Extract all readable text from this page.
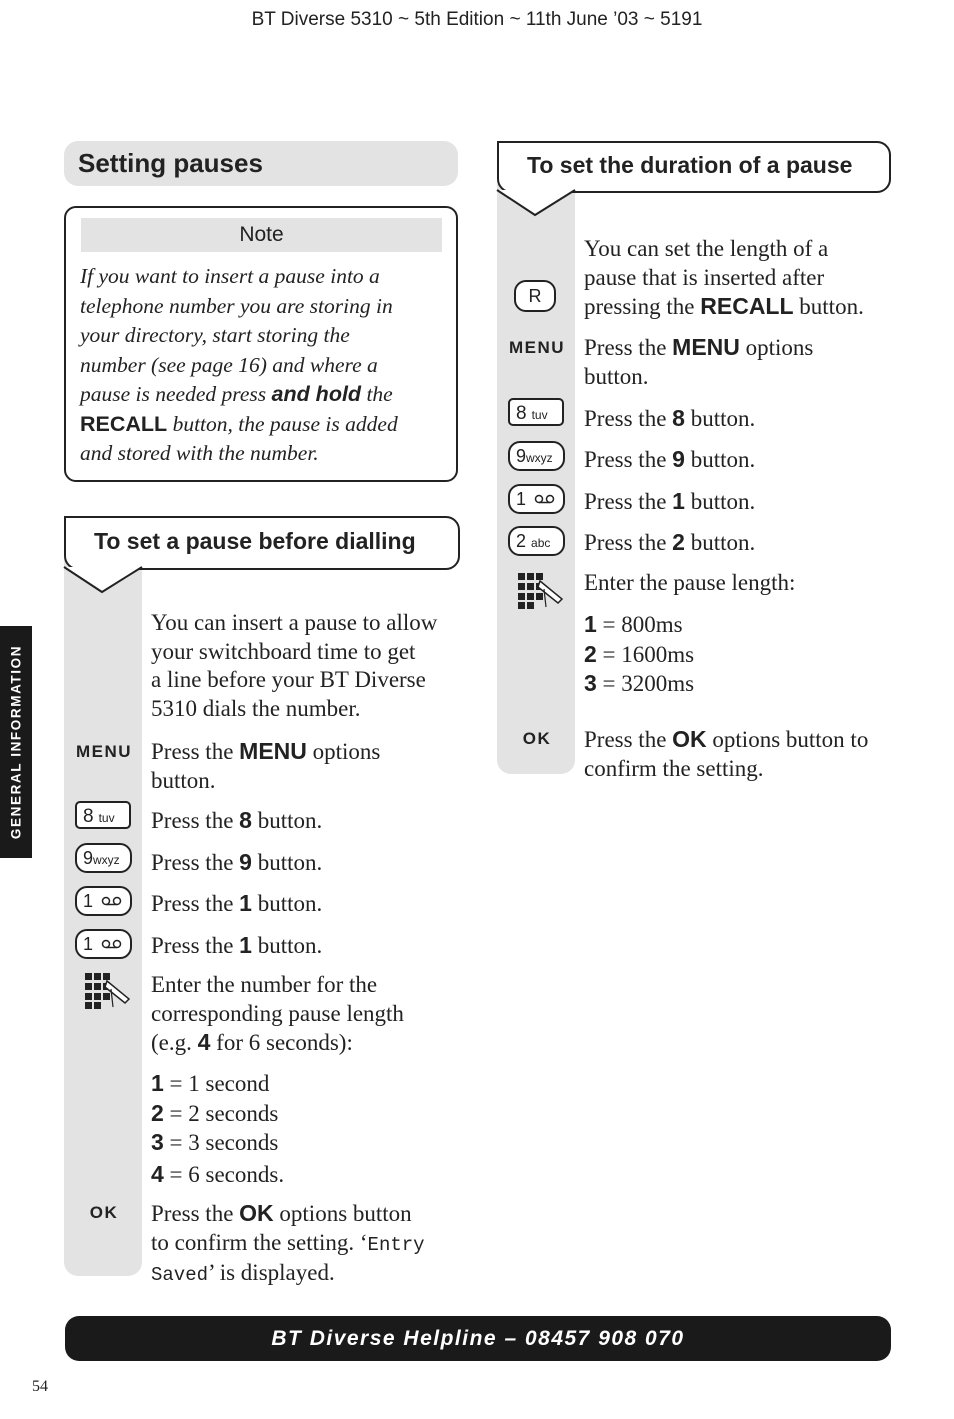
BT Diverse 5310 ~ 5th Edition ~ 11th June ’03 ~ 5191
Setting pauses
Note
If you want to insert a pause into a
telephone number you are storing in
your directory, start storing the
number (see page 16) and where a
pause is needed press and hold the
RECALL button, the pause is added
and stored with the number.
To set a pause before dialling
You can insert a pause to allow
your switchboard time to get
a line before your BT Diverse
5310 dials the number.
MENU Press the MENU options
button.
8 tuv	Press the 8 button.
9wxyz	Press the 9 button.
1	Press the 1 button.
1	Press the 1 button.
Enter the number for the
corresponding pause length
(e.g. 4 for 6 seconds):
1 = 1 second
2 = 2 seconds
3 = 3 seconds
4 = 6 seconds.
OK	Press the OK options button
to confirm the setting. ‘Entry
Saved’ is displayed.
To set the duration of a pause
R
You can set the length of a
pause that is inserted after
pressing the RECALL button.
MENU Press the MENU options
button.
8 tuv	Press the 8 button.
9wxyz	Press the 9 button.
1	Press the 1 button.
2 abc	Press the 2 button.
Enter the pause length:
1 = 800ms
2 = 1600ms
3 = 3200ms
OK	Press the OK options button to
confirm the setting.
GENERAL INFORMATION
BT Diverse Helpline – 08457 908 070
54
